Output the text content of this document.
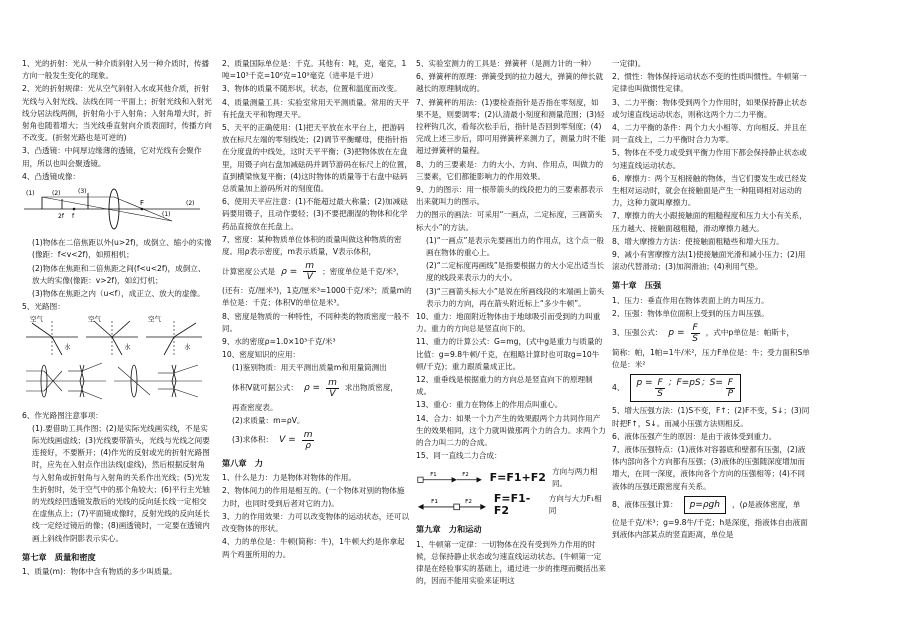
1、光的折射：光从一种介质斜射入另一种介质时，传播方向一般发生变化的现象。
2、光的折射规律：光从空气斜射入水或其他介质，折射光线与入射光线、法线在同一平面上；折射光线和入射光线分居法线两侧，折射角小于入射角；入射角增大时，折射角也随着增大；当光线垂直射向介质表面时，传播方向不改变。(折射光路也是可逆的)
3、凸透镜：中间厚边缘薄的透镜，它对光线有会聚作用，所以也叫会聚透镜。
4、凸透镜成像：
(1)	(2)	(3)
2f f
F
(1)
(2)
(1)物体在二倍焦距以外(u>2f)，成倒立、缩小的实像(像距：f<v<2f)，如照相机；
(2)物体在焦距和二倍焦距之间(f<u<2f)，成倒立、放大的实像(像距：v>2f)，如幻灯机；
(3)物体在焦距之内（u<f），成正立、放大的虚像。
5、光路图：
空气
水
空气
水
空气
水
6、作光路图注意事项：
(1).要借助工具作图；(2)是实际光线画实线，不是实际光线画虚线；(3)光线要带箭头，光线与光线之间要连接好，不要断开；(4)作光的反射或光的折射光路图时，应先在入射点作出法线(虚线)，然后根据反射角与入射角或折射角与入射角的关系作出光线；(5)光发生折射时，处于空气中的那个角较大；(6)平行主光轴的光线经凹透镜发散后的光线的反向延长线一定相交在虚焦点上；(7)平面镜成像时，反射光线的反向延长线一定经过镜后的像；(8)画透镜时，一定要在透镜内画上斜线作阴影表示实心。
第七章　质量和密度
1、质量(m)：物体中含有物质的多少叫质量。
2、质量国际单位是：千克。其他有：吨，克，毫克，1吨=10³千克=10⁶克=10⁹毫克（进率是千进）
3、物体的质量不随形状，状态，位置和温度而改变。
4、质量测量工具：实验室常用天平测质量。常用的天平有托盘天平和物理天平。
5、天平的正确使用：(1)把天平放在水平台上，把游码放在标尺左端的零刻线处；(2)调节平衡螺母，使指针指在分度盘的中线处，这时天平平衡；(3)把物体放在左盘里，用镊子向右盘加减砝码并调节游码在标尺上的位置，直到横梁恢复平衡；(4)这时物体的质量等于右盘中砝码总质量加上游码所对的刻度值。
6、使用天平应注意：(1)不能超过最大称量；(2)加减砝码要用镊子，且动作要轻；(3)不要把潮湿的物体和化学药品直接放在托盘上。
7、密度：某种物质单位体积的质量叫做这种物质的密度。用ρ表示密度，m表示质量，V表示体积，
计算密度公式是 $\rho = \frac{m}{V}$ ；密度单位是千克/米³，
(还有：克/厘米³)，1克/厘米³=1000千克/米³；质量m的单位是：千克；体积V的单位是米³。
8、密度是物质的一种特性，不同种类的物质密度一般不同。
9、水的密度ρ=1.0×10³千克/米³
10、密度知识的应用：
(1)鉴别物质：用天平测出质量m和用量筒测出
体积V就可据公式： $\rho = \frac{m}{V}$ 求出物质密度，
再查密度表。
(2)求质量：m=ρV。
(3)求体积： $V = \frac{m}{\rho}$
第八章　力
1、什么是力：力是物体对物体的作用。
2、物体间力的作用是相互的。(一个物体对别的物体施力时，也同时受到后者对它的力)。
3、力的作用效果：力可以改变物体的运动状态，还可以改变物体的形状。
4、力的单位是：牛顿(简称：牛)，1牛顿大约是你拿起两个鸡蛋所用的力。
5、实验室测力的工具是：弹簧秤（是测力计的一种）
6、弹簧秤的原理：弹簧受到的拉力越大，弹簧的伸长就越长的原理制成的。
7、弹簧秤的用法：(1)要检查指针是否指在零刻度，如果不是，则要调零；(2)认清最小刻度和测量范围；(3)轻拉秤钩几次，看每次松手后，指针是否回到零刻度；(4)完成上述三步后，即可用弹簧秤来测力了，测量力时不能超过弹簧秤的量程。
8、力的三要素是：力的大小、方向、作用点，叫做力的三要素，它们都能影响力的作用效果。
9、力的图示：用一根带箭头的线段把力的三要素都表示出来就叫力的图示。
力的图示的画法：可采用“一画点，二定标度，三画箭头标大小”的方法。
(1)“一画点”是表示先要画出力的作用点，这个点一般画在物体的重心上。
(2)“二定标度再画线”是指要根据力的大小定出适当长度的线段来表示力的大小。
(3)“三画箭头标大小”是说在所画线段的末端画上箭头表示力的方向，再在箭头附近标上“多少牛顿”。
10、重力：地面附近物体由于地球吸引而受到的力叫重力。重力的方向总是竖直向下的。
11、重力的计算公式：G=mg，(式中g是重力与质量的比值：g=9.8牛顿/千克，在粗略计算时也可取g=10牛顿/千克)；重力跟质量成正比。
12、重垂线是根据重力的方向总是竖直向下的原理制成。
13、重心：重力在物体上的作用点叫重心。
14、合力：如果一个力产生的效果跟两个力共同作用产生的效果相同，这个力就叫做那两个力的合力。求两个力的合力叫二力的合成。
15、同一直线二力合成：
F1	F2 F=F1+F2 方向与两力相同。
F1	F2 F=F1-F2
方向与大力F₁相同
第九章　力和运动
1、牛顿第一定律：一切物体在没有受到外力作用的时候，总保持静止状态或匀速直线运动状态。(牛顿第一定律是在经验事实的基础上，通过进一步的推理而概括出来的，因而不能用实验来证明这
一定律)。
2、惯性：物体保持运动状态不变的性质叫惯性。牛顿第一定律也叫做惯性定律。
3、二力平衡：物体受到两个力作用时，如果保持静止状态或匀速直线运动状态，则称这两个力二力平衡。
4、二力平衡的条件：两个力大小相等、方向相反、并且在同一直线上，二力平衡时合力为零。
5、物体在不受力或受到平衡力作用下都会保持静止状态或匀速直线运动状态。
6、摩擦力：两个互相接触的物体，当它们要发生或已经发生相对运动时，就会在接触面是产生一种阻碍相对运动的力，这种力就叫摩擦力。
7、摩擦力的大小跟接触面的粗糙程度和压力大小有关系，压力越大、接触面越粗糙，滑动摩擦力越大。
8、增大摩擦力方法：使接触面粗糙些和增大压力。
9、减小有害摩擦方法(1)使接触面光滑和减小压力；(2)用滚动代替滑动；(3)加润滑油；(4)利用气垫。
第十章　压强
1、压力：垂直作用在物体表面上的力叫压力。
2、压强：物体单位面积上受到的压力叫压强。
3、压强公式： $p = \frac{F}{S}$ ，式中p单位是：帕斯卡，
简称：帕，1帕=1牛/米²，压力F单位是：牛；受力面积S单位是：米²
4、	$p = \frac{F}{S}$ ；F=pS；$S= \frac{F}{P}$
5、增大压强方法：(1)S不变，F↑；(2)F不变，S↓；(3)同时把F↑，S↓。而减小压强方法则相反。
6、液体压强产生的原因：是由于液体受到重力。
7、液体压强特点：(1)液体对容器底和壁都有压强，(2)液体内部向各个方向都有压强；(3)液体的压强随深度增加而增大，在同一深度，液体向各个方向的压强相等；(4)不同液体的压强还跟密度有关系。
8、液体压强计算：	p=ρgh	，(ρ是液体密度，单
位是千克/米³；g=9.8牛/千克；h是深度，指液体自由液面到液体内部某点的竖直距离，单位是
